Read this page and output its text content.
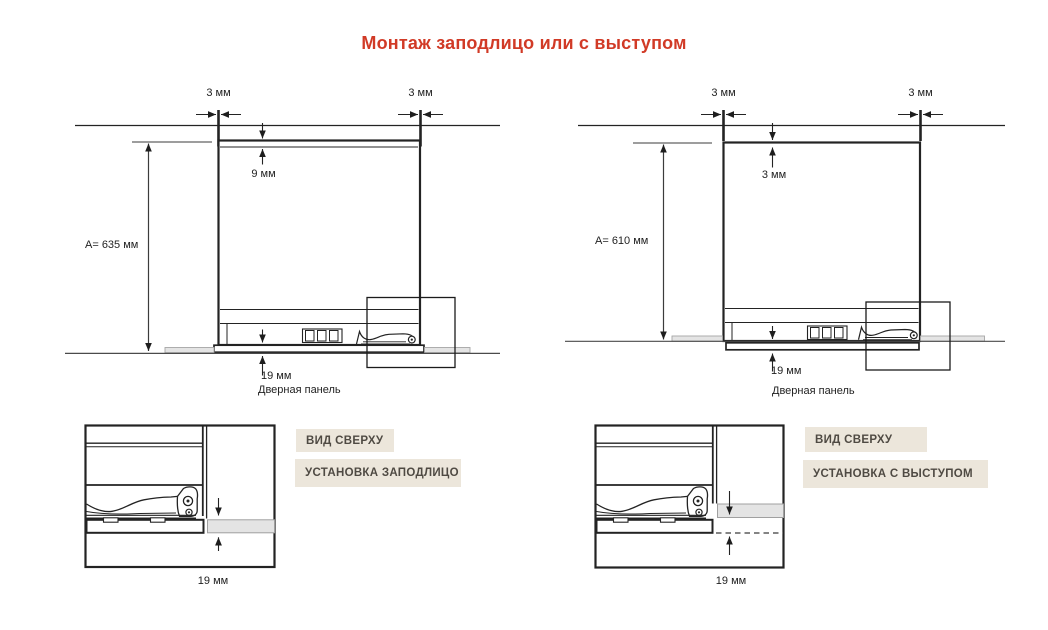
Монтаж заподлицо или с выступом
3 мм	3 мм
9 мм
A= 635 мм
19 мм
Дверная панель
3 мм	3 мм
3 мм
A= 610 мм
19 мм
Дверная панель
19 мм	19 мм
ВИД СВЕРХУ
УСТАНОВКА ЗАПОДЛИЦО
ВИД СВЕРХУ
УСТАНОВКА С ВЫСТУПОМ
